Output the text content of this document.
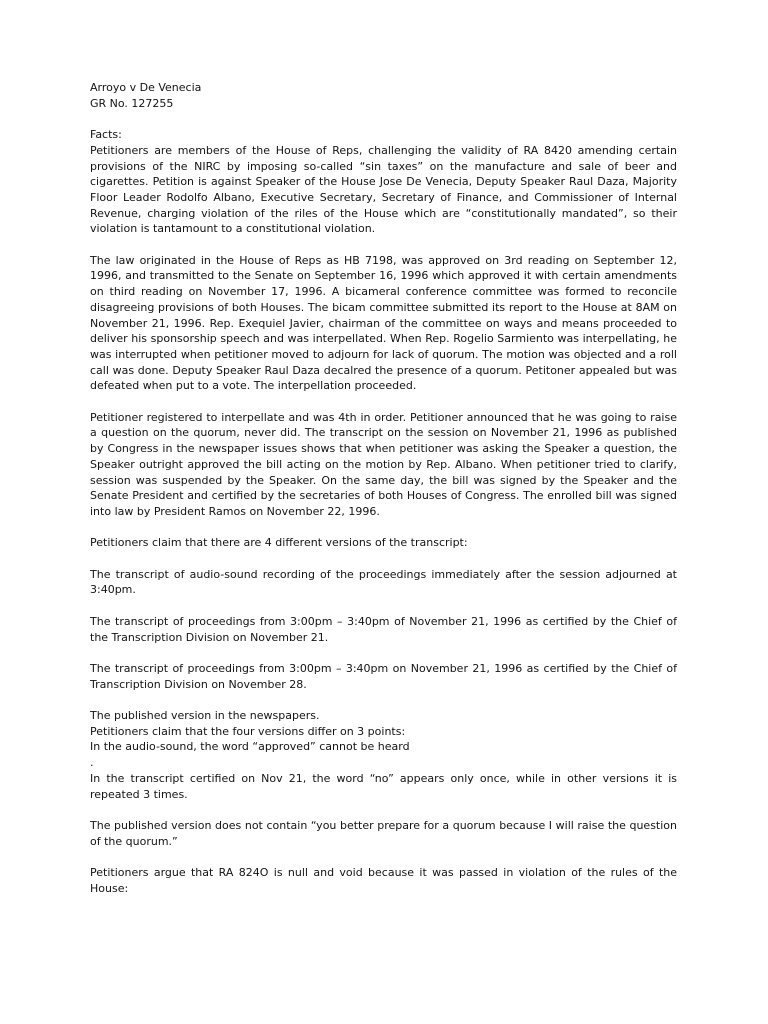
Arroyo v De Venecia

GR No. 127255

Facts:

Petitioners are members of the House of Reps, challenging the validity of RA 8420 amending certain provisions of the NIRC by imposing so-called “sin taxes” on the manufacture and sale of beer and cigarettes. Petition is against Speaker of the House Jose De Venecia, Deputy Speaker Raul Daza, Majority Floor Leader Rodolfo Albano, Executive Secretary, Secretary of Finance, and Commissioner of Internal Revenue, charging violation of the riles of the House which are “constitutionally mandated”, so their violation is tantamount to a constitutional violation.

The law originated in the House of Reps as HB 7198, was approved on 3rd reading on September 12, 1996, and transmitted to the Senate on September 16, 1996 which approved it with certain amendments on third reading on November 17, 1996. A bicameral conference committee was formed to reconcile disagreeing provisions of both Houses. The bicam committee submitted its report to the House at 8AM on November 21, 1996. Rep. Exequiel Javier, chairman of the committee on ways and means proceeded to deliver his sponsorship speech and was interpellated. When Rep. Rogelio Sarmiento was interpellating, he was interrupted when petitioner moved to adjourn for lack of quorum. The motion was objected and a roll call was done. Deputy Speaker Raul Daza decalred the presence of a quorum. Petitoner appealed but was defeated when put to a vote. The interpellation proceeded.

Petitioner registered to interpellate and was 4th in order. Petitioner announced that he was going to raise a question on the quorum, never did. The transcript on the session on November 21, 1996 as published by Congress in the newspaper issues shows that when petitioner was asking the Speaker a question, the Speaker outright approved the bill acting on the motion by Rep. Albano. When petitioner tried to clarify, session was suspended by the Speaker. On the same day, the bill was signed by the Speaker and the Senate President and certified by the secretaries of both Houses of Congress. The enrolled bill was signed into law by President Ramos on November 22, 1996.

Petitioners claim that there are 4 different versions of the transcript:

The transcript of audio-sound recording of the proceedings immediately after the session adjourned at 3:40pm.

The transcript of proceedings from 3:00pm – 3:40pm of November 21, 1996 as certified by the Chief of the Transcription Division on November 21.

The transcript of proceedings from 3:00pm – 3:40pm on November 21, 1996 as certified by the Chief of Transcription Division on November 28.

The published version in the newspapers.

Petitioners claim that the four versions differ on 3 points:

In the audio-sound, the word “approved” cannot be heard

.

In the transcript certified on Nov 21, the word “no” appears only once, while in other versions it is repeated 3 times.

The published version does not contain “you better prepare for a quorum because I will raise the question of the quorum.”

Petitioners argue that RA 824O is null and void because it was passed in violation of the rules of the House:
